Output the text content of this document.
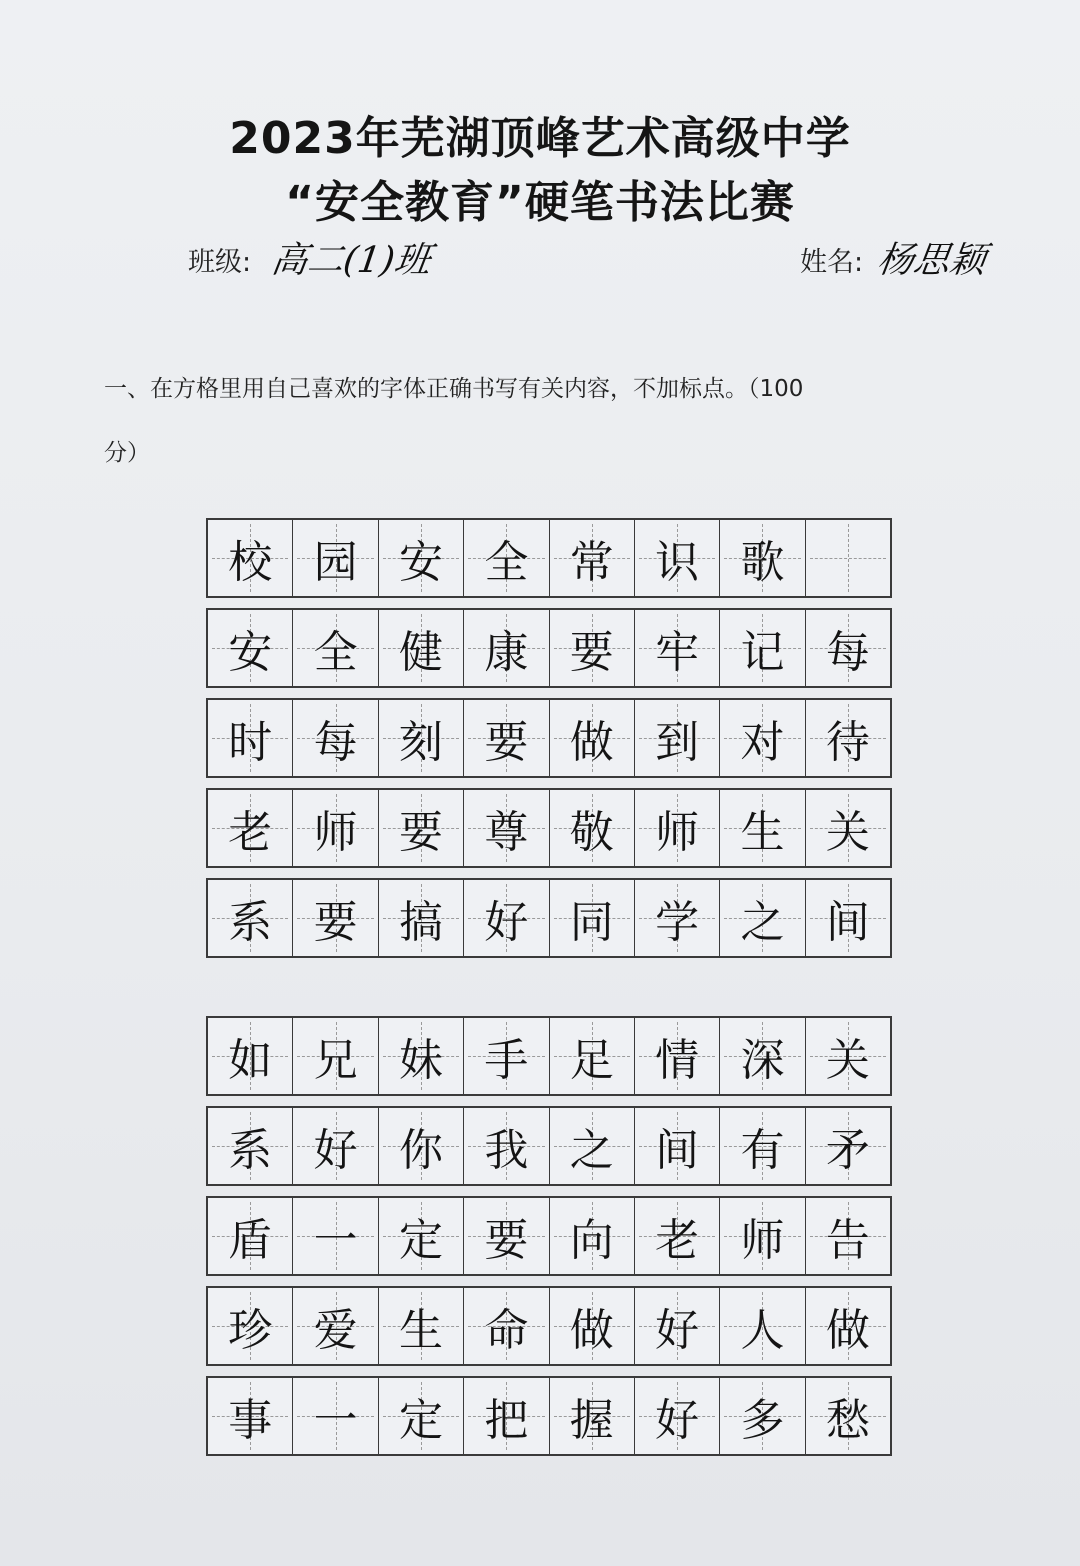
2023年芜湖顶峰艺术高级中学
“安全教育”硬笔书法比赛
班级: 高二(1)班	姓名: 杨思颖
一、在方格里用自己喜欢的字体正确书写有关内容，不加标点。（100
分）
校 园 安 全 常 识 歌
安 全 健 康 要 牢 记 每
时 每 刻 要 做 到 对 待
老 师 要 尊 敬 师 生 关
系 要 搞 好 同 学 之 间
如 兄 妹 手 足 情 深 关
系 好 你 我 之 间 有 矛
盾 一 定 要 向 老 师 告
珍 爱 生 命 做 好 人 做
事 一 定 把 握 好 多 愁
